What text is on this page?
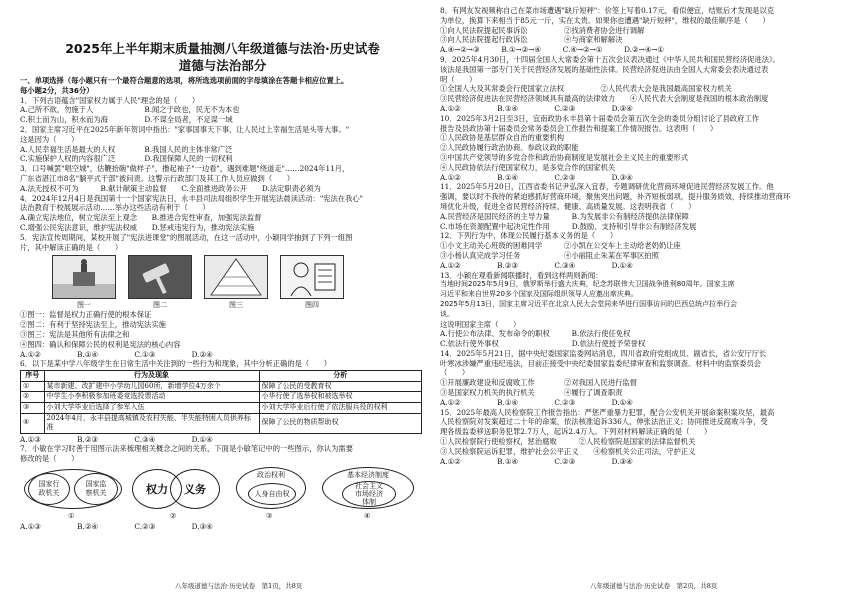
2025年上半年期末质量抽测八年级道德与法治·历史试卷
道德与法治部分

一、单项选择（每小题只有一个最符合题意的选项，将所选选项前面的字母填涂在答题卡相应位置上。

每小题2分，共36分）

1．下列古语蕴含"国家权力属于人民"理念的是（　　）

A.己所不欲，勿施于人　　　　　　　B.闻之于政也，民无不为本也

C.积土而为山，积水而为海　　　　　D.不谋全局者，不足谋一域

2．国家主席习近平在2025年新年贺词中指出："家事国事天下事，让人民过上幸福生活是头等大事。"

这是因为（　　）

A.人民幸福生活是最大的人权　　　　B.我国人民的主体非常广泛

C.实施保护人权的内容很广泛　　　　D.我国保障人民的一切权利

3．口号喊罢"唱空城"，估鞭抬碗"做样子"，撸起袖子"一边看"，遇到难题"绕道走"……2024年11月，

广东省湛江市8名"躺平式干部"被问责。这警示行政部门及其工作人员应做到（　　）

A.法无授权不可为　　　B.献计献策主动监督　　C.全面推进政务公开　　D.法定职责必须为

4．2024年12月4日是我国第十一个国家宪法日，永丰县司法局组织学生开展宪法晨读活动："宪法在我心"

法治教育于校展展示活动……举办这些活动有利于（　　）

A.确立宪法地位，树立宪法至上观念　　B.推进合宪性审查，加强宪法监督

C.增强公民宪法意识，维护宪法权威　　D.惩戒违宪行为，推动宪法实施

5．宪法宣传周期间，某校开展了"宪法进课堂"的图展活动，在这一活动中，小颖同学抽到了下列一组图

片，其中解读正确的是（　　）

图一	图二	图三	图四

①图一：监督是权力正确行使的根本保证

②图二：有利于坚持宪法至上，推动宪法实施

③图三：宪法是其他所有法律之和

④图四：确认和保障公民的权利是宪法的核心内容

A.①②　　　　　B.①④　　　　　C.①③　　　　　D.②④

6．以下是某中学八年级学生在日常生活中关注到的一些行为和现象，其中分析正确的是（　　）

序号	行为及现象	分析
①	某市新建、改扩建中小学幼儿园60所，新增学位4万余个	保障了公民的受教育权
②	中学生小李积极参加班委竞选投票活动	小华行使了选举权和被选举权
③	小刘大学毕业后选择了参军入伍	小刘大学毕业后行使了依法服兵役的权利
④	2024年4月，永丰县提高城镇及农村失能、半失能特困人员供养标准	保障了公民的物质帮助权

A.①③　　　　　B.②③　　　　　C.③④　　　　　D.①④

7．小敏在学习时善于用图示法来梳理相关概念之间的关系，下面是小敏笔记中的一些图示，你认为需要

修改的是（　　）

国家行政机关
国家监察机关	权力 义务
政治权利
人身自由权
基本经济制度
社会主义市场经济体制
①	②	③	④

A.①③　　　　　B.②④　　　　　C.②③　　　　　D.③④

八年级道德与法治·历史试卷　第1页，共8页

8．有网友发视频称自己在菜市场遭遇"缺斤短秤"：价签上写着0.17元，看似便宜，结账后才发现是以克

为单位，换算下来相当于85元一斤，实在太贵。如果你也遭遇"缺斤短秤"，维权的最佳顺序是（　　）

①向人民法院提起民事诉讼　　　　　②找消费者协会进行调解

③向人民法院提起行政诉讼　　　　　④与商家和解解决

A.④→②→③　　　B.①→②→④　　　C.④→②→①　　　D.②→④→①

9．2025年4月30日，十四届全国人大常委会第十五次会议表决通过《中华人民共和国民营经济促进法》。

该法是我国第一部专门关于民营经济发展的基础性法律。民营经济促进法由全国人大常委会表决通过表

明（　　）

①全国人大及其常委会行使国家立法权　　　　　②人民代表大会是我国最高国家权力机关

③民营经济促进法在民营经济领域具有最高的法律效力　　④人民代表大会制度是我国的根本政治制度

A.①②　　　　　B.①④　　　　　C.②③　　　　　D.③④

10．2025年3月2日至3日，宜南政协永丰县第十届委员会第五次全会的委员分组讨论了县政府工作

报告及县政协第十届委员会常务委员会工作报告和提案工作情况报告。这表明（　　）

①人民政协是基层群众自治的重要机构

②人民政协履行政治协商、参政议政的职能

③中国共产党领导的多党合作和政治协商制度是发展社会主义民主的重要形式

④人民政协依法行使国家权力，是多党合作的国家机关

A.①②　　　　　B.①④　　　　　C.②③　　　　　D.③④

11．2025年5月20日，江西省委书记尹弘深入宜春，专题调研优化营商环境促进民营经济发展工作。他

强调，要以时不我待的紧迫感抓好营商环境，聚焦突出问题，补齐短板弱项，提升服务质效，持续推动营商环

境优化升级，促进全省民营经济持续、健康、高质量发展。这表明我省（　　）

A.民营经济是国民经济的主导力量　　　B.为发展非公有制经济提供法律保障

C.市场在资源配置中起决定性作用　　　D.鼓励、支持和引导非公有制经济发展

12．下列行为中，体现公民履行基本义务的是（　　）

①小文主动关心班级的困难同学　　　②小凯在公交车上主动给老奶奶让座

③小杨认真完成学习任务　　　　　　④小丽阻止朱某在军事区拍照

A.①②　　　　　B.②③　　　　　C.③④　　　　　D.①④

13．小颖在观看新闻联播时，看到这样两则新闻：

当地时间2025年5月9日，俄罗斯举行盛大庆典，纪念苏联伟大卫国战争胜利80周年。国家主席

习近平和来自世界20多个国家及国际组织领导人应邀出席庆典。

2025年5月13日，国家主席习近平在北京人民大会堂同来华进行国事访问的巴西总统卢拉举行会

谈。

这说明国家主席（　　）

A.行使公布法律、发布命令的职权　　　B.依法行使任免权

C.依法行使外事权　　　　　　　　　　D.依法行使授予荣誉权

14．2025年5月21日，据中央纪委国家监委网站消息，四川省政府党组成员、副省长，省公安厅厅长

叶寒冰涉嫌严重违纪违法，目前正接受中央纪委国家监委纪律审查和监察调查。材料中的监察委员会

（　　）

①开展廉政建设和反腐败工作　　　　②对我国人民进行监督

③是国家权力机关的执行机关　　　　④履行了调查职责

A.①②　　　　　B.①④　　　　　C.②③　　　　　D.①④

15．2025年最高人民检察院工作报告指出：严惩严重暴力犯罪，配合公安机关开展命案积案攻坚，最高

人民检察院对发案超过二十年的命案，依法核准追诉336人，伸张法治正义；协同推进反腐败斗争，受

理各级监委移送职务犯罪2.7万人，起诉2.4万人。下列对材料解读正确的是（　　）

①人民检察院行使检察权，惩治腐败　　　②人民检察院是国家的法律监督机关

③人民检察院运诉犯罪，维护社会公平正义　　④检察机关公正司法，守护正义

A.①②　　　　　B.①④　　　　　C.②③　　　　　D.③④

八年级道德与法治·历史试卷　第2页，共8页
